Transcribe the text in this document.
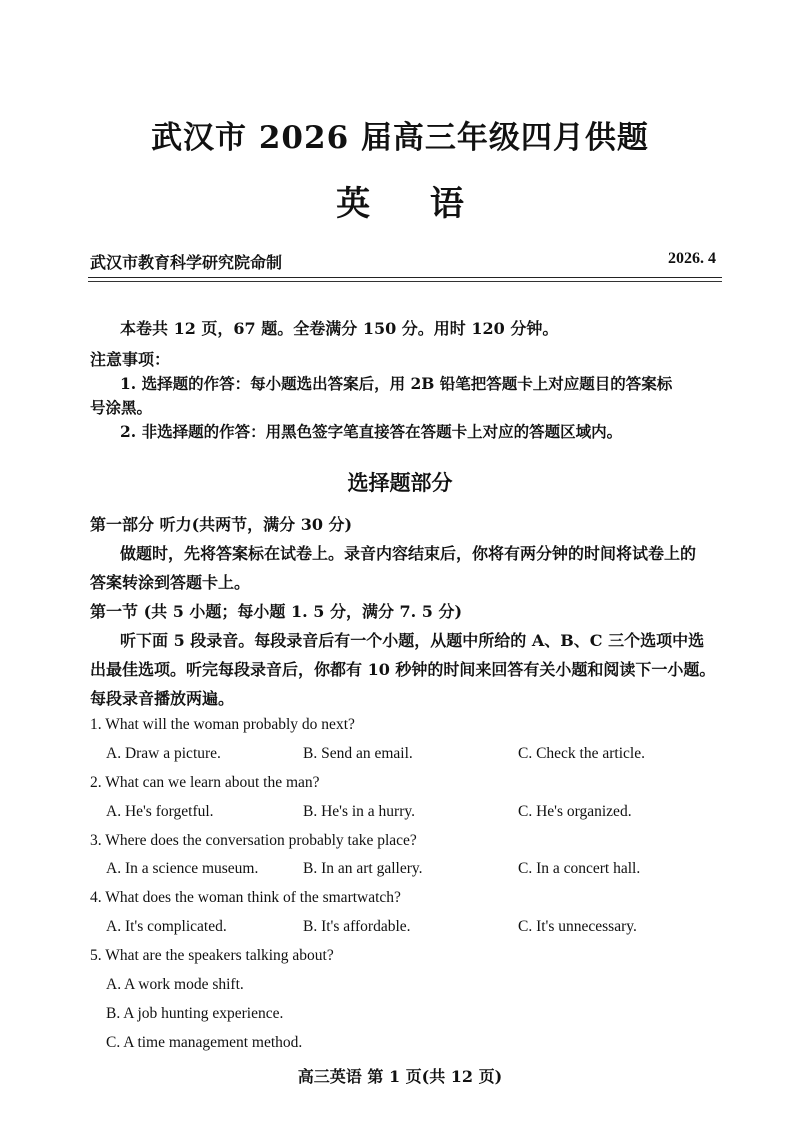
武汉市 2026 届高三年级四月供题
英 语
武汉市教育科学研究院命制	2026. 4
本卷共 12 页，67 题。全卷满分 150 分。用时 120 分钟。
注意事项：
1. 选择题的作答：每小题选出答案后，用 2B 铅笔把答题卡上对应题目的答案标
号涂黑。
2. 非选择题的作答：用黑色签字笔直接答在答题卡上对应的答题区域内。
选择题部分
第一部分 听力(共两节，满分 30 分)
做题时，先将答案标在试卷上。录音内容结束后，你将有两分钟的时间将试卷上的
答案转涂到答题卡上。
第一节 (共 5 小题；每小题 1. 5 分，满分 7. 5 分)
听下面 5 段录音。每段录音后有一个小题，从题中所给的 A、B、C 三个选项中选
出最佳选项。听完每段录音后，你都有 10 秒钟的时间来回答有关小题和阅读下一小题。
每段录音播放两遍。
1. What will the woman probably do next?
A. Draw a picture.	B. Send an email.	C. Check the article.
2. What can we learn about the man?
A. He's forgetful.	B. He's in a hurry.	C. He's organized.
3. Where does the conversation probably take place?
A. In a science museum.	B. In an art gallery.	C. In a concert hall.
4. What does the woman think of the smartwatch?
A. It's complicated.	B. It's affordable.	C. It's unnecessary.
5. What are the speakers talking about?
A. A work mode shift.
B. A job hunting experience.
C. A time management method.
高三英语 第 1 页(共 12 页)
